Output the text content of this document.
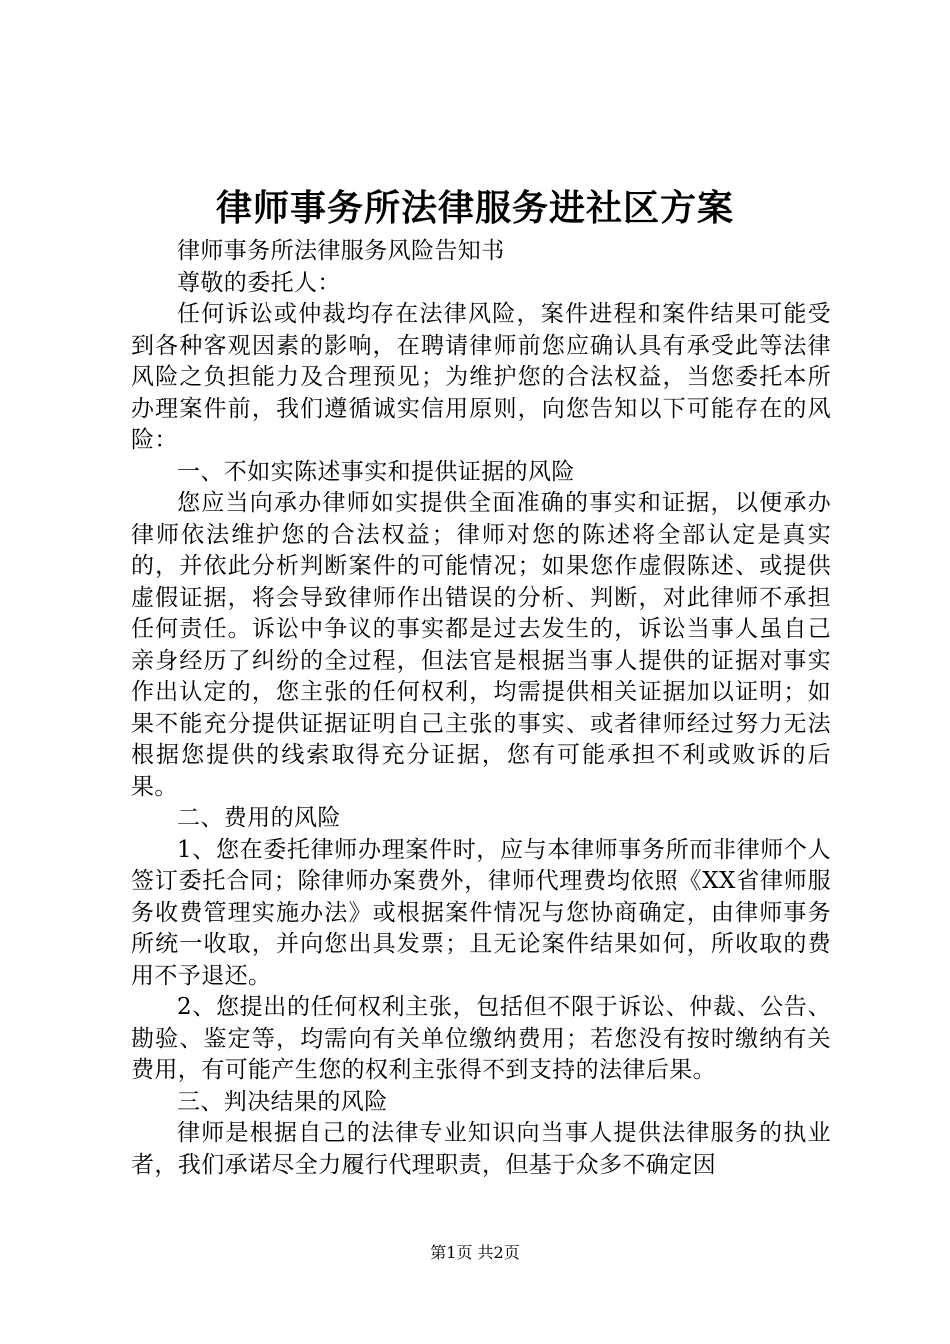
律师事务所法律服务进社区方案

律师事务所法律服务风险告知书

尊敬的委托人：

任何诉讼或仲裁均存在法律风险，案件进程和案件结果可能受到各种客观因素的影响，在聘请律师前您应确认具有承受此等法律风险之负担能力及合理预见；为维护您的合法权益，当您委托本所办理案件前，我们遵循诚实信用原则，向您告知以下可能存在的风险：

一、不如实陈述事实和提供证据的风险

您应当向承办律师如实提供全面准确的事实和证据，以便承办律师依法维护您的合法权益；律师对您的陈述将全部认定是真实的，并依此分析判断案件的可能情况；如果您作虚假陈述、或提供虚假证据，将会导致律师作出错误的分析、判断，对此律师不承担任何责任。诉讼中争议的事实都是过去发生的，诉讼当事人虽自己亲身经历了纠纷的全过程，但法官是根据当事人提供的证据对事实作出认定的，您主张的任何权利，均需提供相关证据加以证明；如果不能充分提供证据证明自己主张的事实、或者律师经过努力无法根据您提供的线索取得充分证据，您有可能承担不利或败诉的后果。

二、费用的风险

1、您在委托律师办理案件时，应与本律师事务所而非律师个人签订委托合同；除律师办案费外，律师代理费均依照《XX省律师服务收费管理实施办法》或根据案件情况与您协商确定，由律师事务所统一收取，并向您出具发票；且无论案件结果如何，所收取的费用不予退还。

2、您提出的任何权利主张，包括但不限于诉讼、仲裁、公告、勘验、鉴定等，均需向有关单位缴纳费用；若您没有按时缴纳有关费用，有可能产生您的权利主张得不到支持的法律后果。

三、判决结果的风险

律师是根据自己的法律专业知识向当事人提供法律服务的执业者，我们承诺尽全力履行代理职责，但基于众多不确定因

第1页 共2页
